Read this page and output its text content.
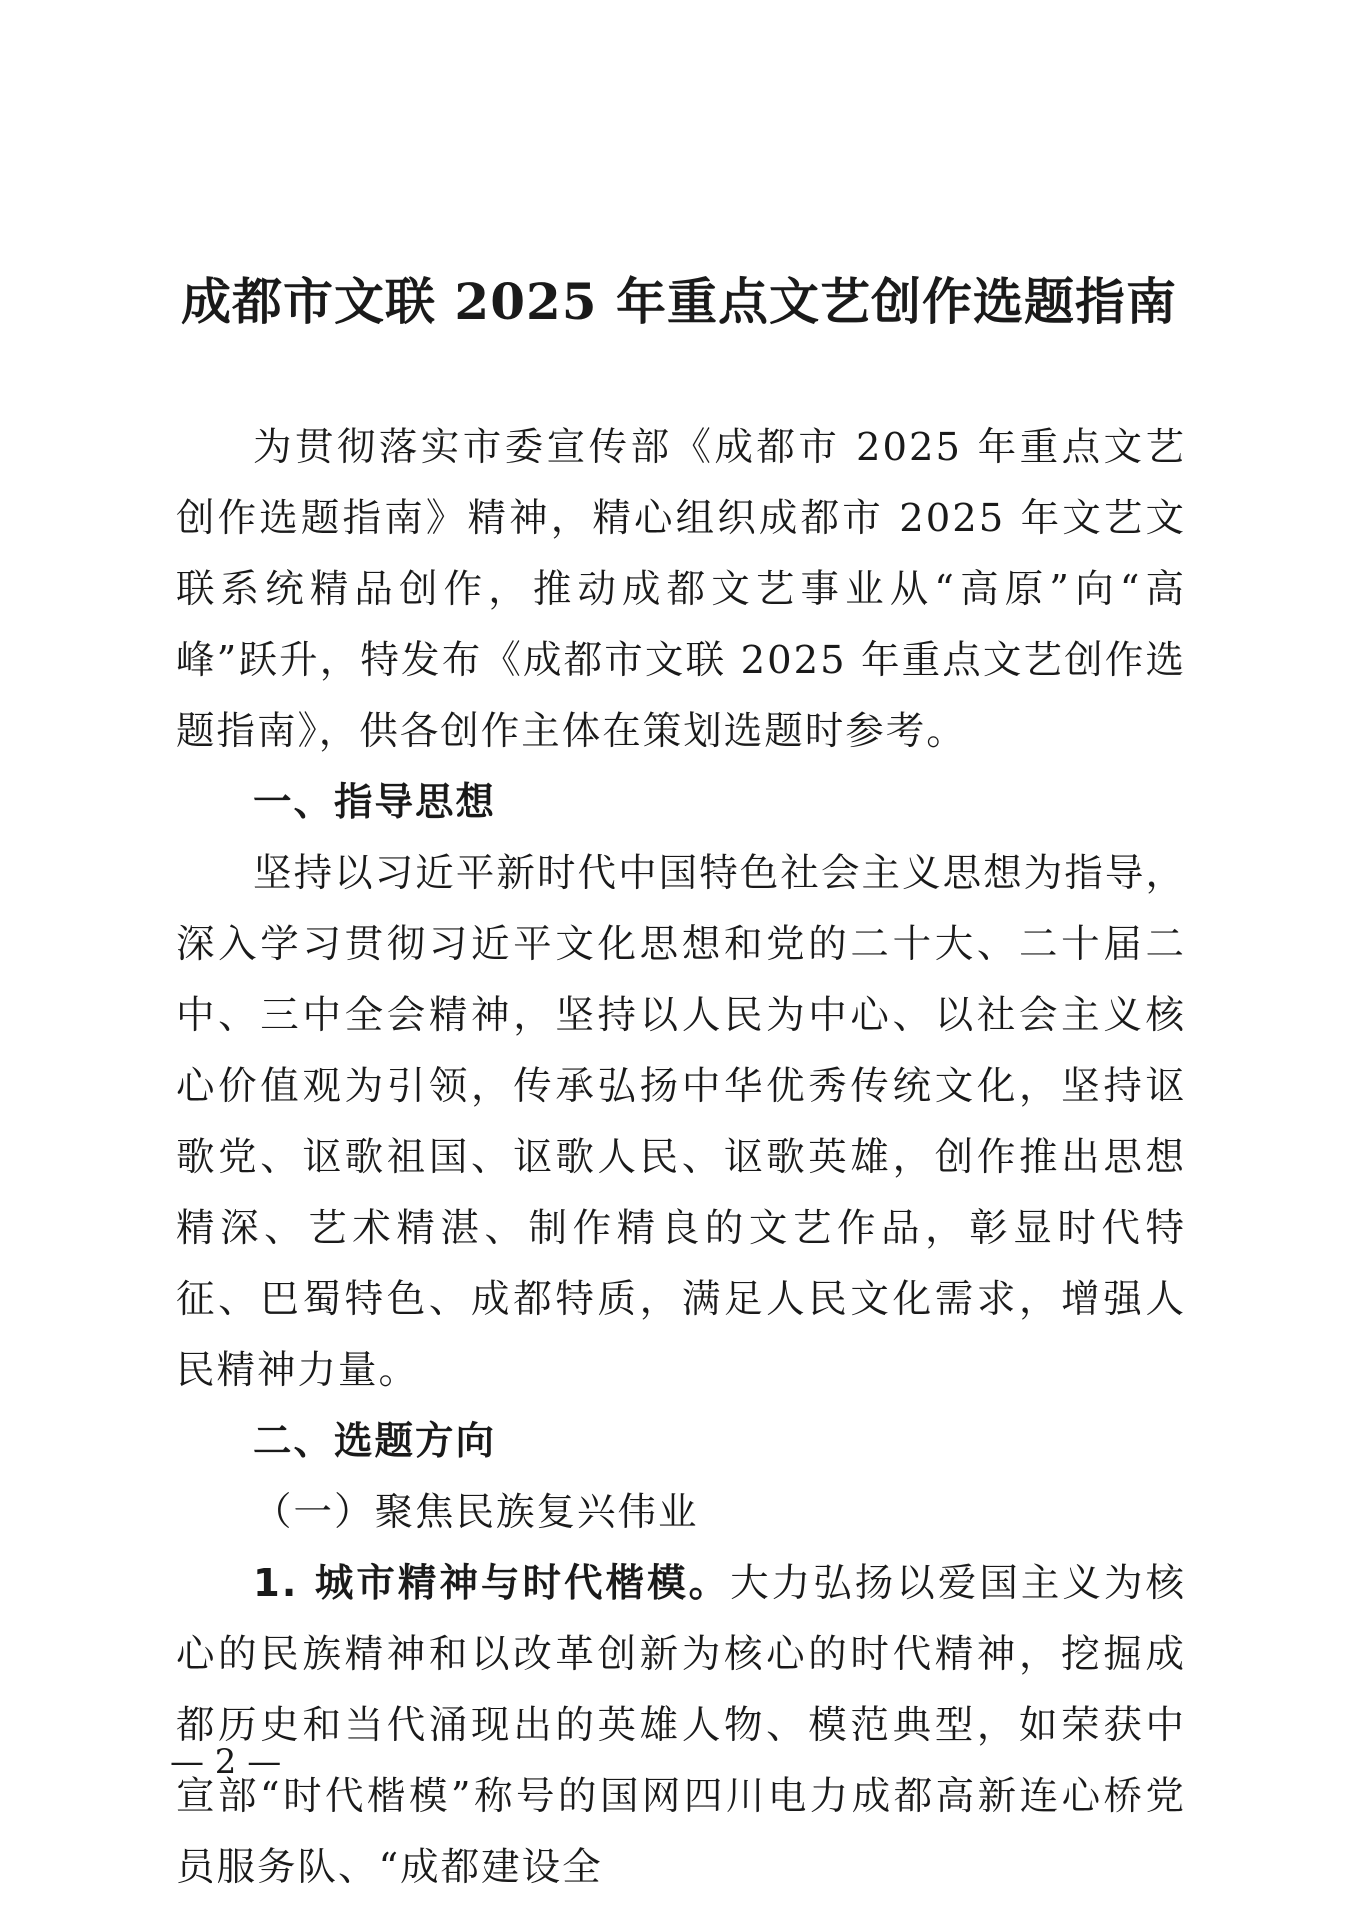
成都市文联 2025 年重点文艺创作选题指南

为贯彻落实市委宣传部《成都市 2025 年重点文艺创作选题指南》精神，精心组织成都市 2025 年文艺文联系统精品创作，推动成都文艺事业从“高原”向“高峰”跃升，特发布《成都市文联 2025 年重点文艺创作选题指南》，供各创作主体在策划选题时参考。

一、指导思想

坚持以习近平新时代中国特色社会主义思想为指导，深入学习贯彻习近平文化思想和党的二十大、二十届二中、三中全会精神，坚持以人民为中心、以社会主义核心价值观为引领，传承弘扬中华优秀传统文化，坚持讴歌党、讴歌祖国、讴歌人民、讴歌英雄，创作推出思想精深、艺术精湛、制作精良的文艺作品，彰显时代特征、巴蜀特色、成都特质，满足人民文化需求，增强人民精神力量。

二、选题方向
（一）聚焦民族复兴伟业

1. 城市精神与时代楷模。大力弘扬以爱国主义为核心的民族精神和以改革创新为核心的时代精神，挖掘成都历史和当代涌现出的英雄人物、模范典型，如荣获中宣部“时代楷模”称号的国网四川电力成都高新连心桥党员服务队、“成都建设全

— 2 —
